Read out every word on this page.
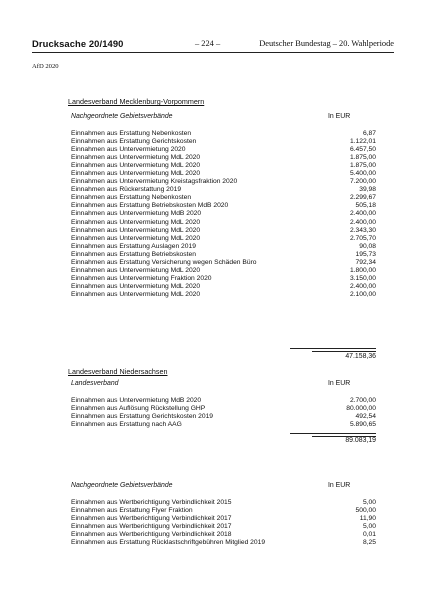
Drucksache 20/1490	– 224 –	Deutscher Bundestag – 20. Wahlperiode
AfD 2020
Landesverband Mecklenburg-Vorpommern
Nachgeordnete Gebietsverbände	In EUR
Einnahmen aus Erstattung Nebenkosten	6,87
Einnahmen aus Erstattung Gerichtskosten	1.122,01
Einnahmen aus Untervermietung 2020	6.457,50
Einnahmen aus Untervermietung MdL 2020	1.875,00
Einnahmen aus Untervermietung MdL 2020	1.875,00
Einnahmen aus Untervermietung MdL 2020	5.400,00
Einnahmen aus Untervermietung Kreistagsfraktion 2020	7.200,00
Einnahmen aus Rückerstattung 2019	39,98
Einnahmen aus Erstattung Nebenkosten	2.299,67
Einnahmen aus Erstattung Betriebskosten MdB 2020	505,18
Einnahmen aus Untervermietung MdB 2020	2.400,00
Einnahmen aus Untervermietung MdL 2020	2.400,00
Einnahmen aus Untervermietung MdL 2020	2.343,30
Einnahmen aus Untervermietung MdL 2020	2.705,70
Einnahmen aus Erstattung Auslagen 2019	90,08
Einnahmen aus Erstattung Betriebskosten	195,73
Einnahmen aus Erstattung Versicherung wegen Schäden Büro	792,34
Einnahmen aus Untervermietung MdL 2020	1.800,00
Einnahmen aus Untervermietung Fraktion 2020	3.150,00
Einnahmen aus Untervermietung MdL 2020	2.400,00
Einnahmen aus Untervermietung MdL 2020	2.100,00
47.158,36
Landesverband Niedersachsen
Landesverband	In EUR
Einnahmen aus Untervermietung MdB 2020	2.700,00
Einnahmen aus Auflösung Rückstellung GHP	80.000,00
Einnahmen aus Erstattung Gerichtskosten 2019	492,54
Einnahmen aus Erstattung nach AAG	5.890,65
89.083,19
Nachgeordnete Gebietsverbände	In EUR
Einnahmen aus Wertberichtigung Verbindlichkeit 2015	5,00
Einnahmen aus Erstattung Flyer Fraktion	500,00
Einnahmen aus Wertberichtigung Verbindlichkeit 2017	11,90
Einnahmen aus Wertberichtigung Verbindlichkeit 2017	5,00
Einnahmen aus Wertberichtigung Verbindlichkeit 2018	0,01
Einnahmen aus Erstattung Rücklastschriftgebühren Mitglied 2019	8,25
